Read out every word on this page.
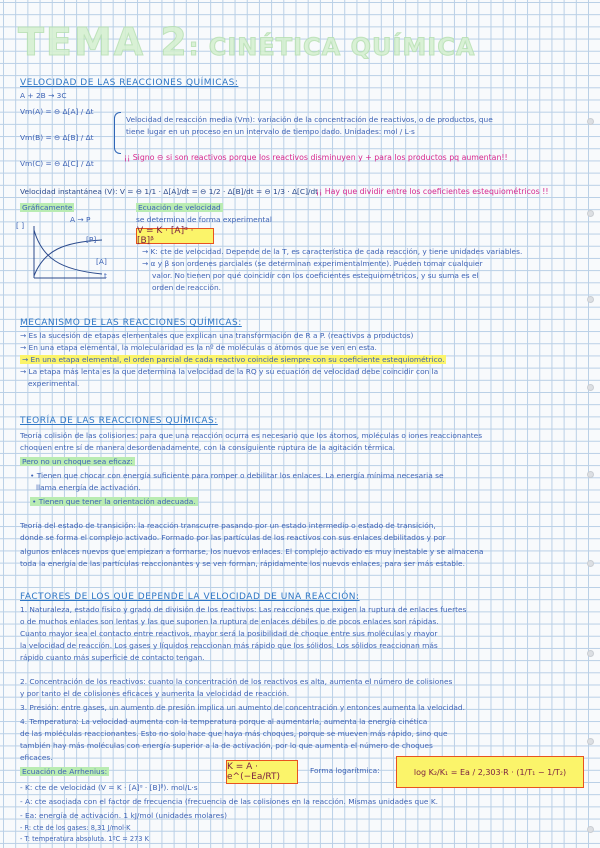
TEMA 2: CINÉTICA QUÍMICA
VELOCIDAD DE LAS REACCIONES QUÍMICAS:
A + 2B → 3C
Vm(A) = ⊖ Δ[A] / Δt
Vm(B) = ⊖ Δ[B] / Δt
Vm(C) = ⊖ Δ[C] / Δt
Velocidad de reacción media (Vm): variación de la concentración de reactivos, o de productos, que
tiene lugar en un proceso en un intervalo de tiempo dado. Unidades: mol / L·s
¡¡ Signo ⊖ si son reactivos porque los reactivos disminuyen y + para los productos pq aumentan!!
Velocidad instantánea (V): V = ⊖ 1/1 · Δ[A]/dt = ⊖ 1/2 · Δ[B]/dt = ⊖ 1/3 · Δ[C]/dt
¡¡ Hay que dividir entre los coeficientes estequiométricos !!
Gráficamente
A → P
[ ]
[P]
[A]
t
Ecuación de velocidad
se determina de forma experimental
V = K · [A]ᵅ · [B]ᵝ
→ K: cte de velocidad. Depende de la T, es característica de cada reacción, y tiene unidades variables.
→ α y β son ordenes parciales (se determinan experimentalmente). Pueden tomar cualquier
valor. No tienen por qué coincidir con los coeficientes estequiométricos, y su suma es el
orden de reacción.
MECANISMO DE LAS REACCIONES QUÍMICAS:
→ Es la sucesión de etapas elementales que explican una transformación de R a P. (reactivos a productos)
→ En una etapa elemental, la molecularidad es la nº de moléculas o átomos que se ven en esta.
→ En una etapa elemental, el orden parcial de cada reactivo coincide siempre con su coeficiente estequiométrico.
→ La etapa más lenta es la que determina la velocidad de la RQ y su ecuación de velocidad debe coincidir con la
experimental.
TEORÍA DE LAS REACCIONES QUÍMICAS:
Teoría colisión de las colisiones: para que una reacción ocurra es necesario que los átomos, moléculas o iones reaccionantes
choquen entre sí de manera desordenadamente, con la consiguiente ruptura de la agitación térmica.
Pero no un choque sea eficaz:
• Tienen que chocar con energía suficiente para romper o debilitar los enlaces. La energía mínima necesaria se
llama energía de activación.
• Tienen que tener la orientación adecuada.
Teoría del estado de transición: la reacción transcurre pasando por un estado intermedio o estado de transición,
donde se forma el complejo activado. Formado por las partículas de los reactivos con sus enlaces debilitados y por
algunos enlaces nuevos que empiezan a formarse, los nuevos enlaces. El complejo activado es muy inestable y se almacena
toda la energía de las partículas reaccionantes y se ven forman, rápidamente los nuevos enlaces, para ser más estable.
FACTORES DE LOS QUE DEPENDE LA VELOCIDAD DE UNA REACCIÓN:
1. Naturaleza, estado físico y grado de división de los reactivos: Las reacciones que exigen la ruptura de enlaces fuertes
o de muchos enlaces son lentas y las que suponen la ruptura de enlaces débiles o de pocos enlaces son rápidas.
Cuanto mayor sea el contacto entre reactivos, mayor será la posibilidad de choque entre sus moléculas y mayor
la velocidad de reacción. Los gases y líquidos reaccionan más rápido que los sólidos. Los sólidos reaccionan más
rápido cuanto más superficie de contacto tengan.
2. Concentración de los reactivos: cuanto la concentración de los reactivos es alta, aumenta el número de colisiones
y por tanto el de colisiones eficaces y aumenta la velocidad de reacción.
3. Presión: entre gases, un aumento de presión implica un aumento de concentración y entonces aumenta la velocidad.
4. Temperatura: La velocidad aumenta con la temperatura porque al aumentarla, aumenta la energía cinética
de las moléculas reaccionantes. Esto no solo hace que haya más choques, porque se mueven más rápido, sino que
también hay más moléculas con energía superior a la de activación, por lo que aumenta el número de choques
eficaces.
Ecuación de Arrhenius:	K = A · e^(−Ea/RT)
Forma logarítmica:	log K₂/K₁ = Ea / 2,303·R · (1/T₁ − 1/T₂)
- K: cte de velocidad (V = K · [A]ᵅ · [B]ᵝ). mol/L·s
- A: cte asociada con el factor de frecuencia (frecuencia de las colisiones en la reacción. Mismas unidades que K.
- Ea: energía de activación. 1 kJ/mol (unidades molares)
- R: cte de los gases: 8,31 J/mol·K
- T: temperatura absoluta. 1ºC = 273 K
